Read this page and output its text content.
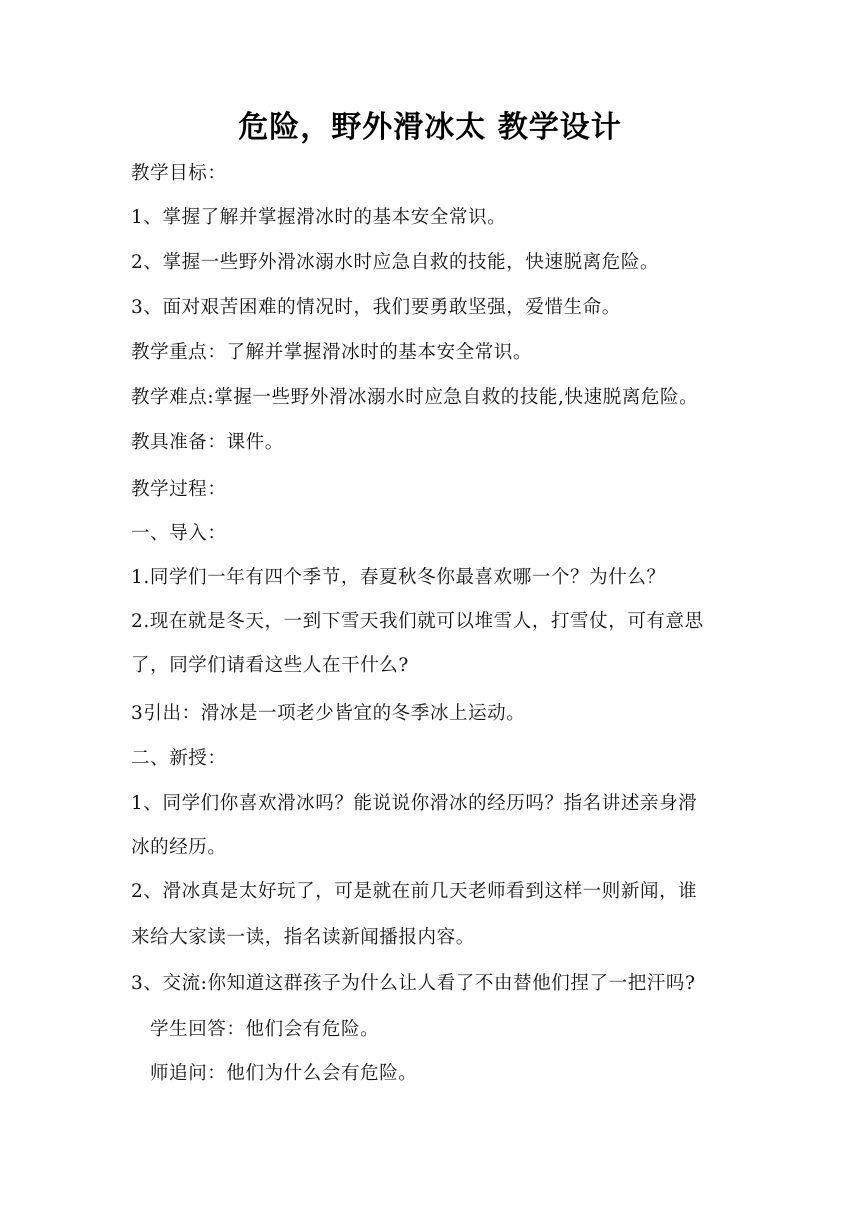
危险，野外滑冰太 教学设计
教学目标：
1、掌握了解并掌握滑冰时的基本安全常识。
2、掌握一些野外滑冰溺水时应急自救的技能，快速脱离危险。
3、面对艰苦困难的情况时，我们要勇敢坚强，爱惜生命。
教学重点：了解并掌握滑冰时的基本安全常识。
教学难点:掌握一些野外滑冰溺水时应急自救的技能,快速脱离危险。
教具准备：课件。
教学过程：
一、导入：
1.同学们一年有四个季节，春夏秋冬你最喜欢哪一个？为什么？
2.现在就是冬天，一到下雪天我们就可以堆雪人，打雪仗，可有意思
了，同学们请看这些人在干什么?
3引出：滑冰是一项老少皆宜的冬季冰上运动。
二、新授：
1、同学们你喜欢滑冰吗？能说说你滑冰的经历吗？指名讲述亲身滑
冰的经历。
2、滑冰真是太好玩了，可是就在前几天老师看到这样一则新闻，谁
来给大家读一读，指名读新闻播报内容。
3、交流:你知道这群孩子为什么让人看了不由替他们捏了一把汗吗?
学生回答：他们会有危险。
师追问：他们为什么会有危险。
